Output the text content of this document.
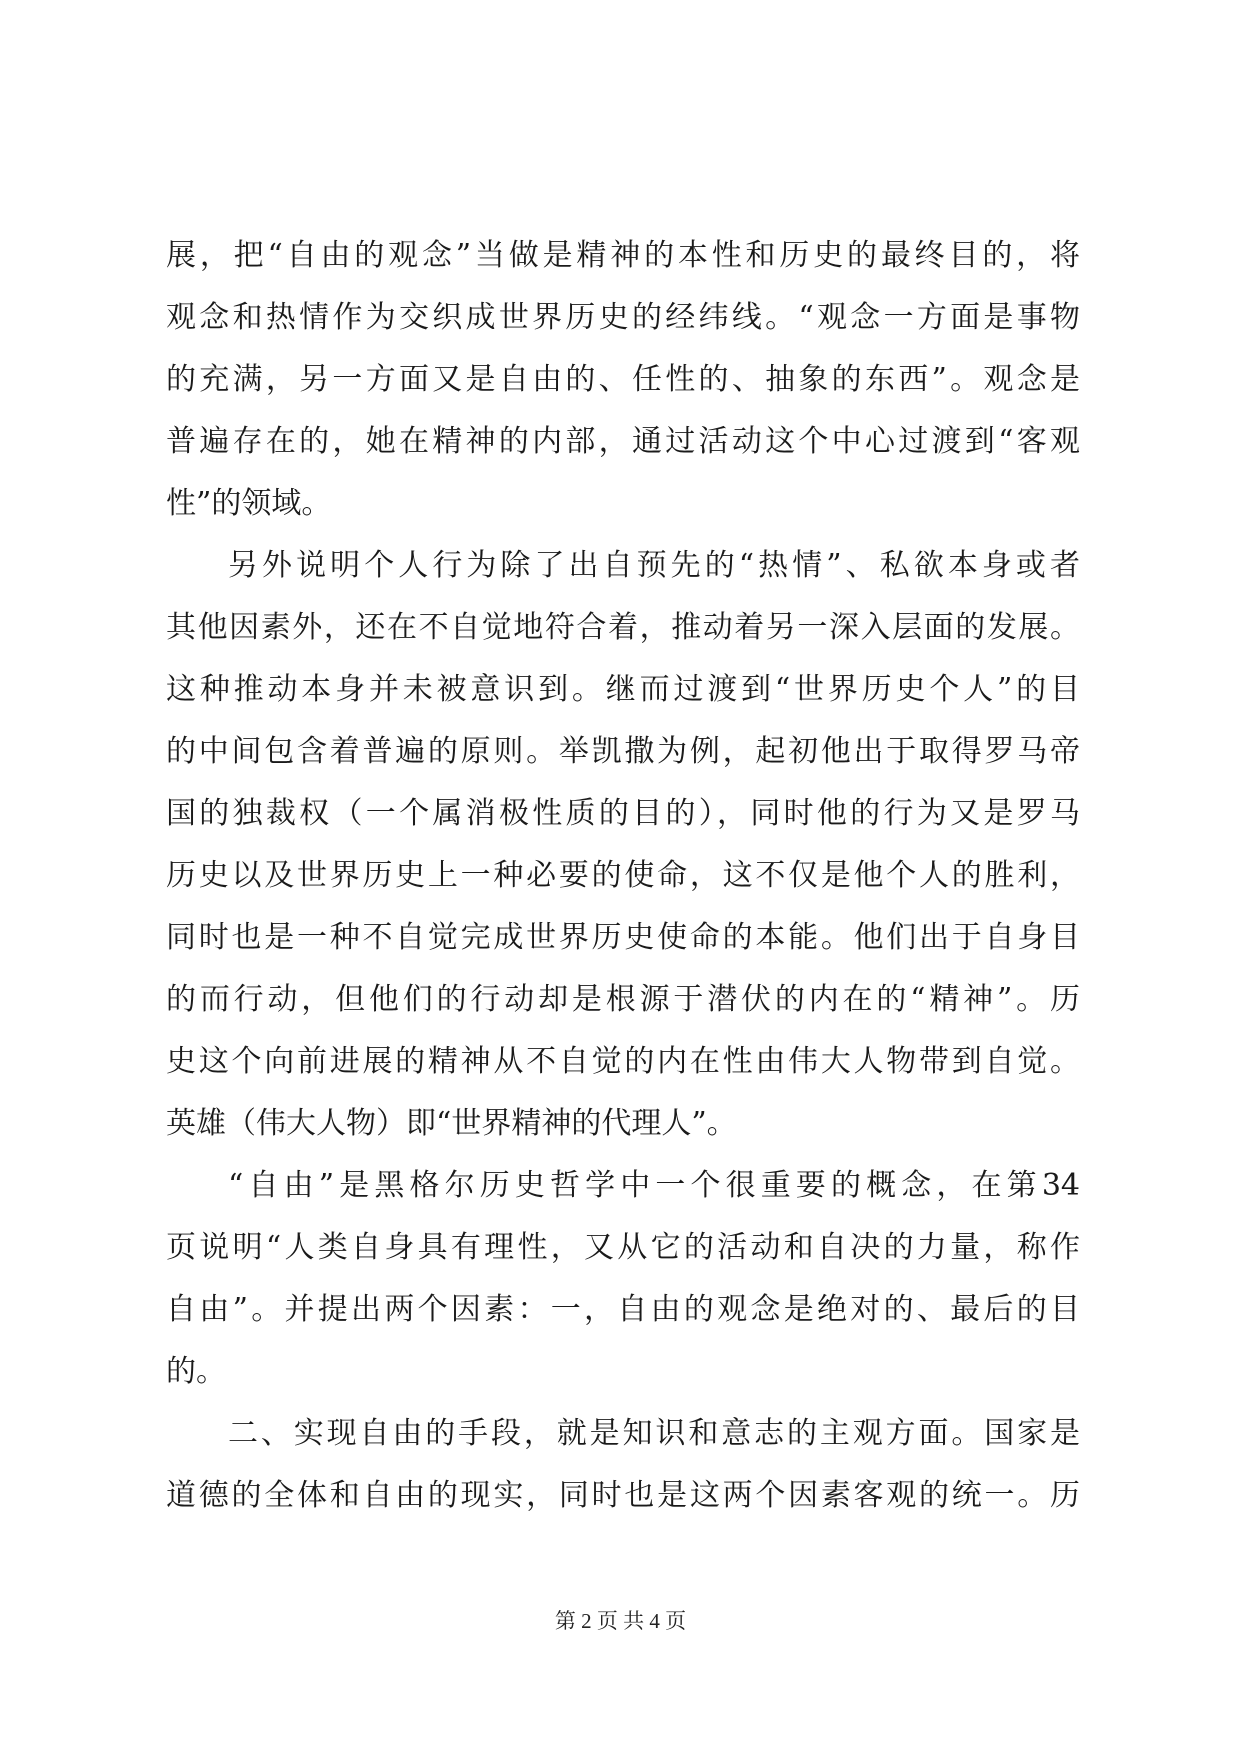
展，把“自由的观念”当做是精神的本性和历史的最终目的，将
观念和热情作为交织成世界历史的经纬线。“观念一方面是事物
的充满，另一方面又是自由的、任性的、抽象的东西”。观念是
普遍存在的，她在精神的内部，通过活动这个中心过渡到“客观
性”的领域。
另外说明个人行为除了出自预先的“热情”、私欲本身或者
其他因素外，还在不自觉地符合着，推动着另一深入层面的发展。
这种推动本身并未被意识到。继而过渡到“世界历史个人”的目
的中间包含着普遍的原则。举凯撒为例，起初他出于取得罗马帝
国的独裁权（一个属消极性质的目的），同时他的行为又是罗马
历史以及世界历史上一种必要的使命，这不仅是他个人的胜利，
同时也是一种不自觉完成世界历史使命的本能。他们出于自身目
的而行动，但他们的行动却是根源于潜伏的内在的“精神”。历
史这个向前进展的精神从不自觉的内在性由伟大人物带到自觉。
英雄（伟大人物）即“世界精神的代理人”。
“自由”是黑格尔历史哲学中一个很重要的概念，在第34
页说明“人类自身具有理性，又从它的活动和自决的力量，称作
自由”。并提出两个因素：一，自由的观念是绝对的、最后的目
的。
二、实现自由的手段，就是知识和意志的主观方面。国家是
道德的全体和自由的现实，同时也是这两个因素客观的统一。历
第 2 页 共 4 页
